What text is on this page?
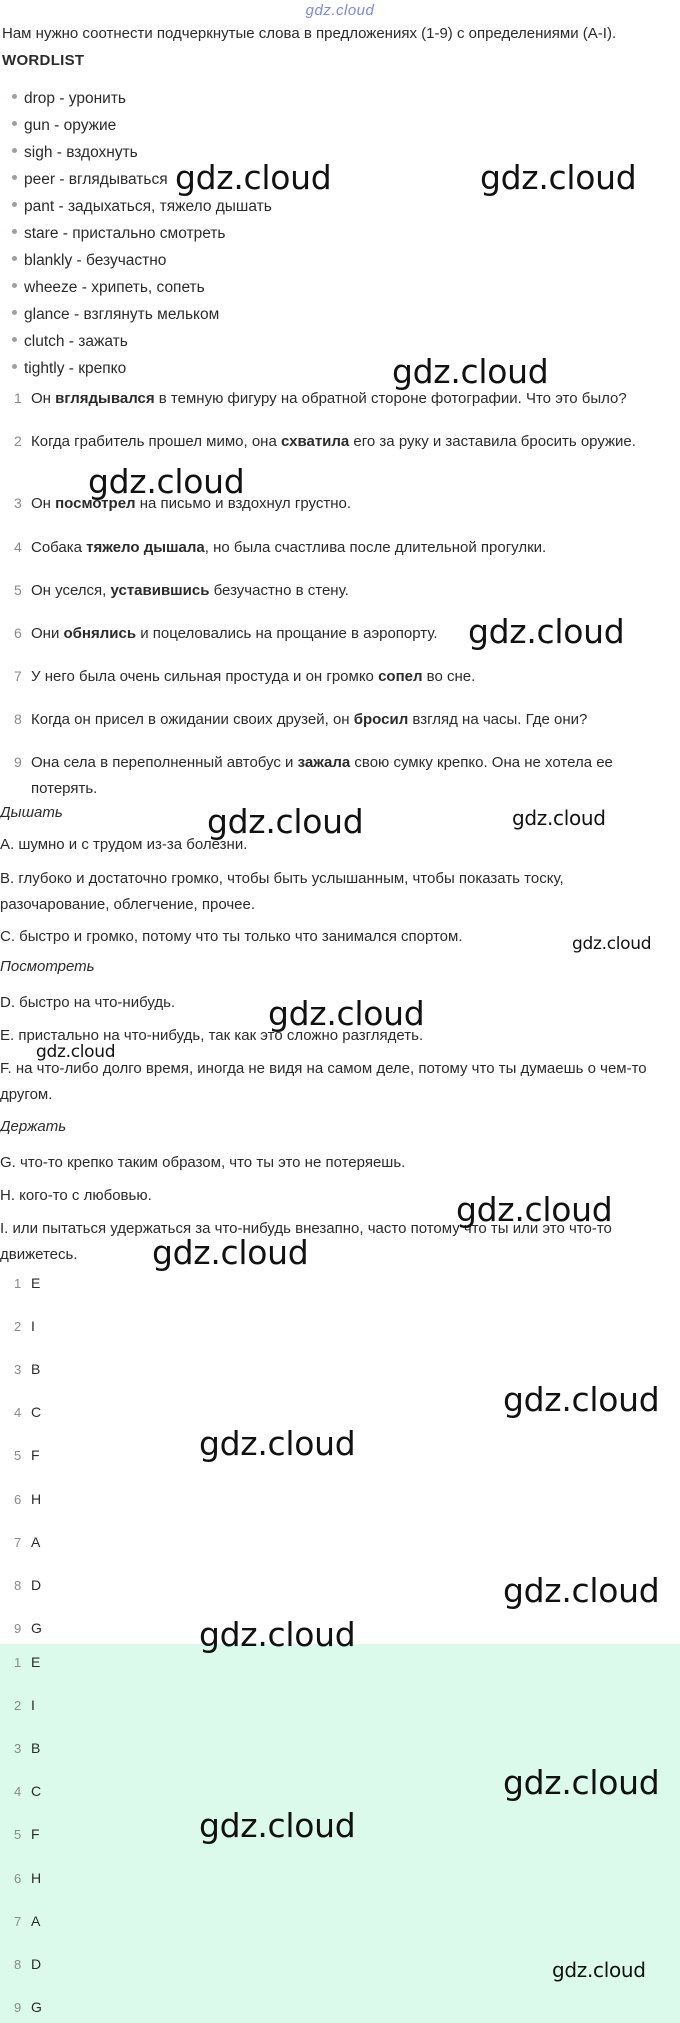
gdz.cloud
Нам нужно соотнести подчеркнутые слова в предложениях (1-9) с определениями (A-I).
WORDLIST
drop - уронить
gun - оружие
sigh - вздохнуть
peer - вглядываться
pant - задыхаться, тяжело дышать
stare - пристально смотреть
blankly - безучастно
wheeze - хрипеть, сопеть
glance - взглянуть мельком
clutch - зажать
tightly - крепко
1 Он вглядывался в темную фигуру на обратной стороне фотографии. Что это было?
2 Когда грабитель прошел мимо, она схватила его за руку и заставила бросить оружие.
3 Он посмотрел на письмо и вздохнул грустно.
4 Собака тяжело дышала, но была счастлива после длительной прогулки.
5 Он уселся, уставившись безучастно в стену.
6 Они обнялись и поцеловались на прощание в аэропорту.
7 У него была очень сильная простуда и он громко сопел во сне.
8 Когда он присел в ожидании своих друзей, он бросил взгляд на часы. Где они?
9 Она села в переполненный автобус и зажала свою сумку крепко. Она не хотела ее потерять.
Дышать
A. шумно и с трудом из-за болезни.
B. глубоко и достаточно громко, чтобы быть услышанным, чтобы показать тоску, разочарование, облегчение, прочее.
C. быстро и громко, потому что ты только что занимался спортом.
Посмотреть
D. быстро на что-нибудь.
E. пристально на что-нибудь, так как это сложно разглядеть.
F. на что-либо долго время, иногда не видя на самом деле, потому что ты думаешь о чем-то другом.
Держать
G. что-то крепко таким образом, что ты это не потеряешь.
H. кого-то с любовью.
I. или пытаться удержаться за что-нибудь внезапно, часто потому что ты или это что-то движетесь.
1 E
2 I
3 B
4 C
5 F
6 H
7 A
8 D
9 G
1 E
2 I
3 B
4 C
5 F
6 H
7 A
8 D
9 G
gdz.cloud	gdz.cloud
gdz.cloud
gdz.cloud
gdz.cloud
gdz.cloud	gdz.cloud
gdz.cloud
gdz.cloud
gdz.cloud
gdz.cloud
gdz.cloud
gdz.cloud
gdz.cloud
gdz.cloud
gdz.cloud
gdz.cloud
gdz.cloud
gdz.cloud
